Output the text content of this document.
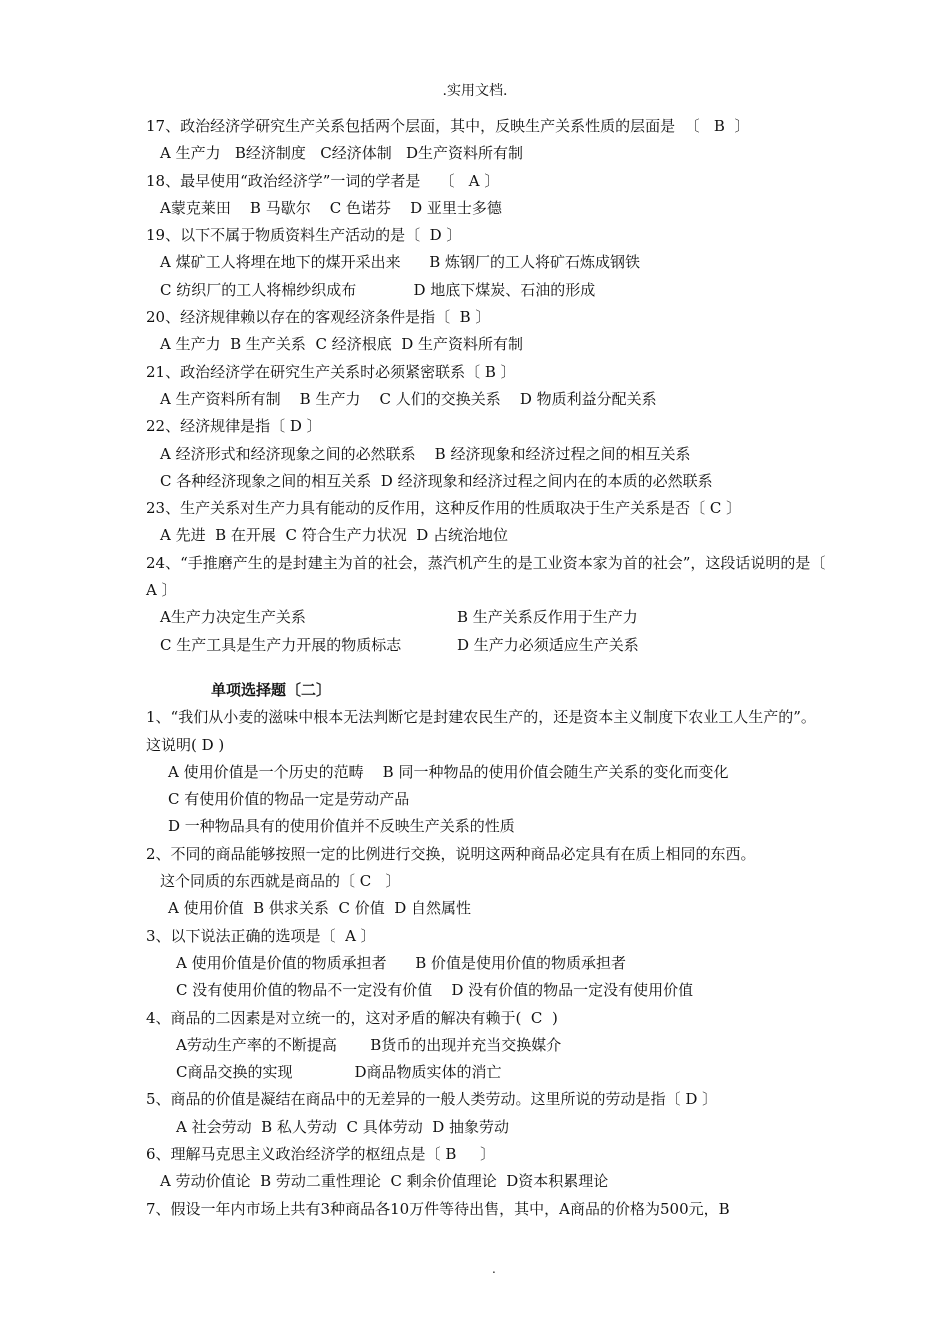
.实用文档.
17、政治经济学研究生产关系包括两个层面，其中，反映生产关系性质的层面是  〔   B  〕
A 生产力   B经济制度   C经济体制   D生产资料所有制
18、最早使用“政治经济学”一词的学者是    〔   A 〕
A蒙克莱田    B 马歇尔    C 色诺芬    D 亚里士多德
19、以下不属于物质资料生产活动的是〔  D 〕
A 煤矿工人将埋在地下的煤开采出来      B 炼钢厂的工人将矿石炼成钢铁
C 纺织厂的工人将棉纱织成布            D 地底下煤炭、石油的形成
20、经济规律赖以存在的客观经济条件是指〔  B 〕
A 生产力  B 生产关系  C 经济根底  D 生产资料所有制
21、政治经济学在研究生产关系时必须紧密联系〔 B 〕
A 生产资料所有制    B 生产力    C 人们的交换关系    D 物质利益分配关系
22、经济规律是指〔 D 〕
A 经济形式和经济现象之间的必然联系    B 经济现象和经济过程之间的相互关系
C 各种经济现象之间的相互关系  D 经济现象和经济过程之间内在的本质的必然联系
23、生产关系对生产力具有能动的反作用，这种反作用的性质取决于生产关系是否〔 C 〕
A 先进  B 在开展  C 符合生产力状况  D 占统治地位
24、“手推磨产生的是封建主为首的社会，蒸汽机产生的是工业资本家为首的社会”，这段话说明的是〔 A 〕
A生产力决定生产关系	B 生产关系反作用于生产力
C 生产工具是生产力开展的物质标志	D 生产力必须适应生产关系
单项选择题〔二〕
1、“我们从小麦的滋味中根本无法判断它是封建农民生产的，还是资本主义制度下农业工人生产的”。这说明( D )
A 使用价值是一个历史的范畴    B 同一种物品的使用价值会随生产关系的变化而变化
C 有使用价值的物品一定是劳动产品
D 一种物品具有的使用价值并不反映生产关系的性质
2、不同的商品能够按照一定的比例进行交换，说明这两种商品必定具有在质上相同的东西。
这个同质的东西就是商品的〔 C   〕
A 使用价值  B 供求关系  C 价值  D 自然属性
3、以下说法正确的选项是〔  A 〕
A 使用价值是价值的物质承担者      B 价值是使用价值的物质承担者
C 没有使用价值的物品不一定没有价值    D 没有价值的物品一定没有使用价值
4、商品的二因素是对立统一的，这对矛盾的解决有赖于(  C  )
A劳动生产率的不断提高       B货币的出现并充当交换媒介
C商品交换的实现             D商品物质实体的消亡
5、商品的价值是凝结在商品中的无差异的一般人类劳动。这里所说的劳动是指〔 D 〕
A 社会劳动  B 私人劳动  C 具体劳动  D 抽象劳动
6、理解马克思主义政治经济学的枢纽点是〔 B     〕
A 劳动价值论  B 劳动二重性理论  C 剩余价值理论  D资本积累理论
7、假设一年内市场上共有3种商品各10万件等待出售，其中，A商品的价格为500元，B
.
